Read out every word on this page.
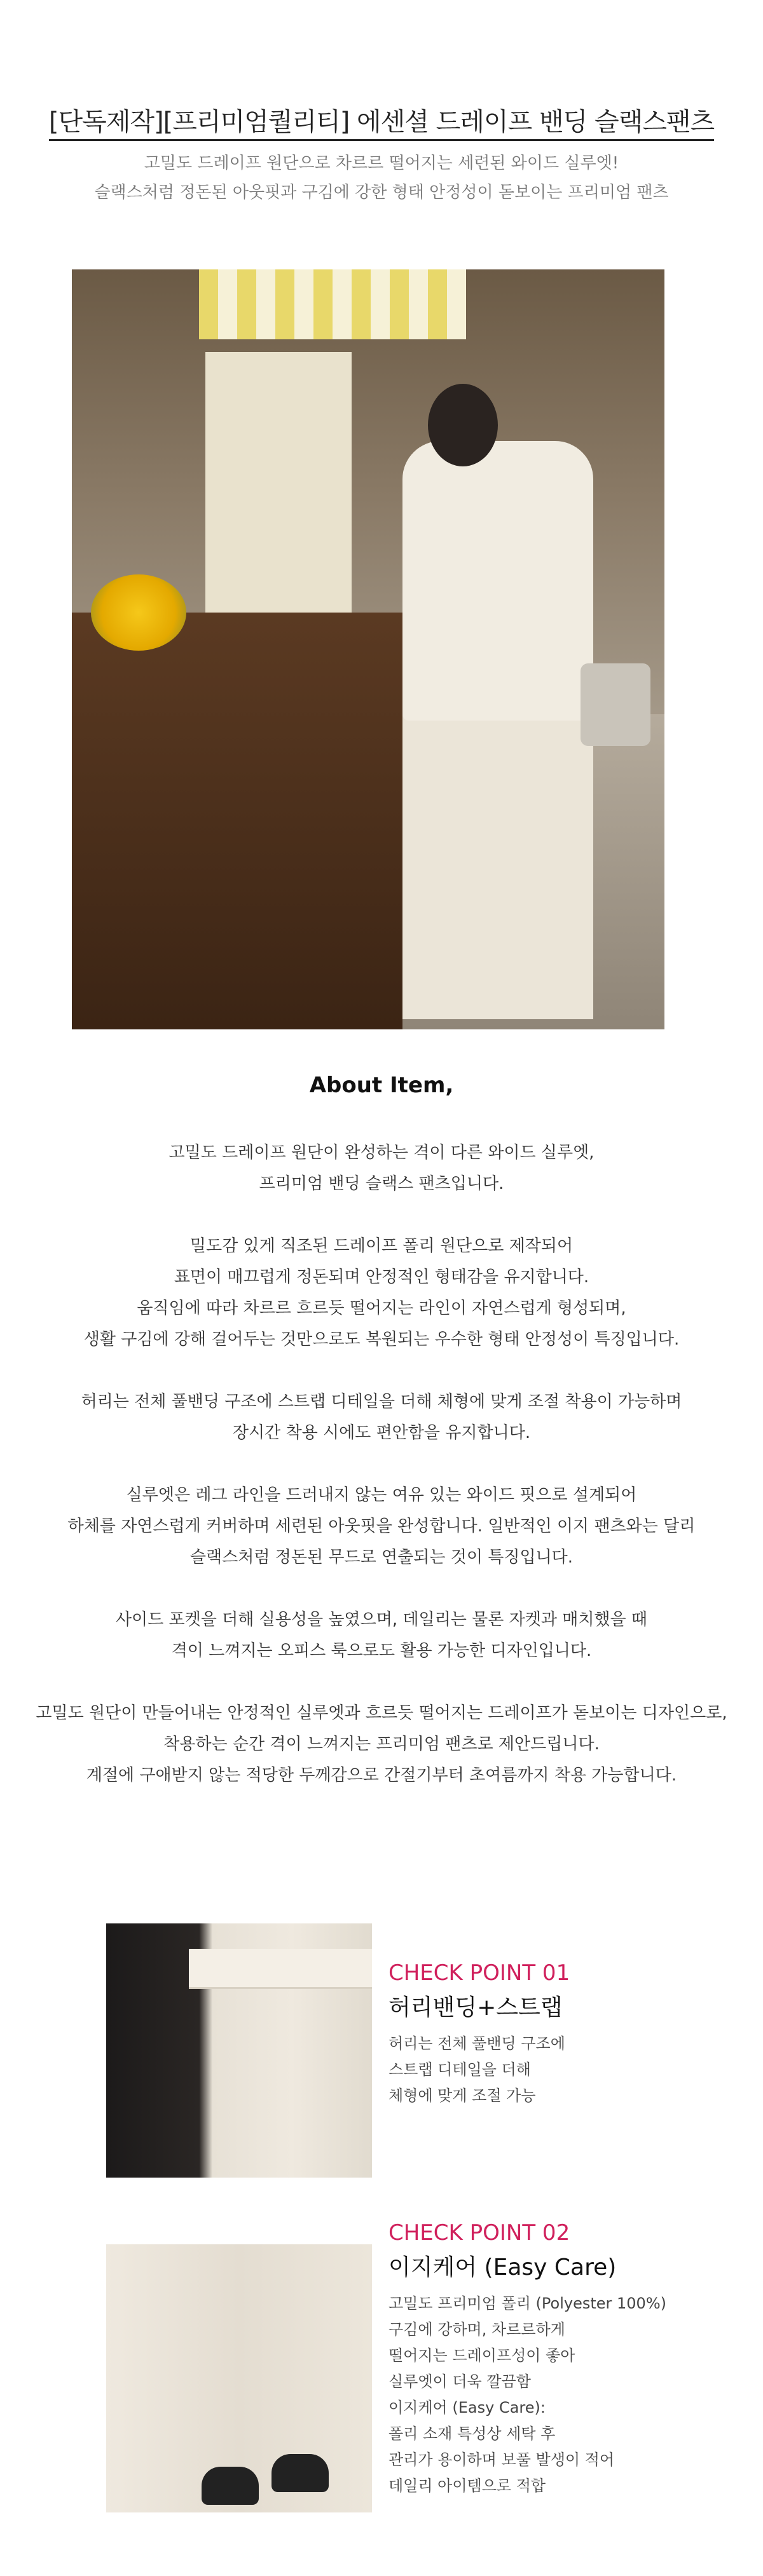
[단독제작][프리미엄퀄리티] 에센셜 드레이프 밴딩 슬랙스팬츠
고밀도 드레이프 원단으로 차르르 떨어지는 세련된 와이드 실루엣!
슬랙스처럼 정돈된 아웃핏과 구김에 강한 형태 안정성이 돋보이는 프리미엄 팬츠
About Item,
고밀도 드레이프 원단이 완성하는 격이 다른 와이드 실루엣,
프리미엄 밴딩 슬랙스 팬츠입니다.
밀도감 있게 직조된 드레이프 폴리 원단으로 제작되어
표면이 매끄럽게 정돈되며 안정적인 형태감을 유지합니다.
움직임에 따라 차르르 흐르듯 떨어지는 라인이 자연스럽게 형성되며,
생활 구김에 강해 걸어두는 것만으로도 복원되는 우수한 형태 안정성이 특징입니다.
허리는 전체 풀밴딩 구조에 스트랩 디테일을 더해 체형에 맞게 조절 착용이 가능하며
장시간 착용 시에도 편안함을 유지합니다.
실루엣은 레그 라인을 드러내지 않는 여유 있는 와이드 핏으로 설계되어
하체를 자연스럽게 커버하며 세련된 아웃핏을 완성합니다. 일반적인 이지 팬츠와는 달리
슬랙스처럼 정돈된 무드로 연출되는 것이 특징입니다.
사이드 포켓을 더해 실용성을 높였으며, 데일리는 물론 자켓과 매치했을 때
격이 느껴지는 오피스 룩으로도 활용 가능한 디자인입니다.
고밀도 원단이 만들어내는 안정적인 실루엣과 흐르듯 떨어지는 드레이프가 돋보이는 디자인으로,
착용하는 순간 격이 느껴지는 프리미엄 팬츠로 제안드립니다.
계절에 구애받지 않는 적당한 두께감으로 간절기부터 초여름까지 착용 가능합니다.
CHECK POINT 01
허리밴딩+스트랩
허리는 전체 풀밴딩 구조에
스트랩 디테일을 더해
체형에 맞게 조절 가능
CHECK POINT 02
이지케어 (Easy Care)
고밀도 프리미엄 폴리 (Polyester 100%)
구김에 강하며, 차르르하게
떨어지는 드레이프성이 좋아
실루엣이 더욱 깔끔함
이지케어 (Easy Care):
폴리 소재 특성상 세탁 후
관리가 용이하며 보풀 발생이 적어
데일리 아이템으로 적합
